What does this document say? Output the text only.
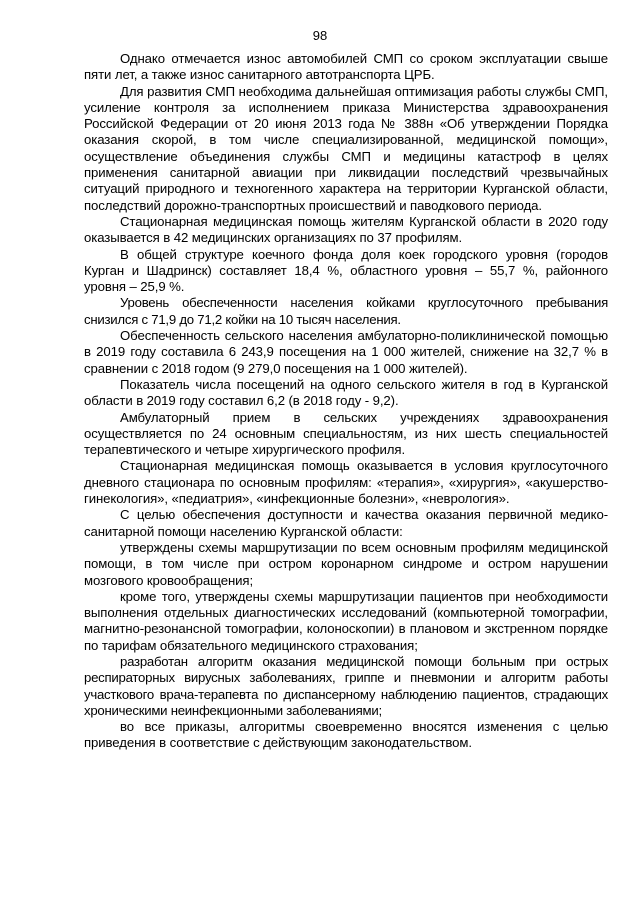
98

Однако отмечается износ автомобилей СМП со сроком эксплуатации свыше пяти лет, а также износ санитарного автотранспорта ЦРБ.

Для развития СМП необходима дальнейшая оптимизация работы службы СМП, усиление контроля за исполнением приказа Министерства здравоохранения Российской Федерации от 20 июня 2013 года № 388н «Об утверждении Порядка оказания скорой, в том числе специализированной, медицинской помощи», осуществление объединения службы СМП и медицины катастроф в целях применения санитарной авиации при ликвидации последствий чрезвычайных ситуаций природного и техногенного характера на территории Курганской области, последствий дорожно-транспортных происшествий и паводкового периода.

Стационарная медицинская помощь жителям Курганской области в 2020 году оказывается в 42 медицинских организациях по 37 профилям.

В общей структуре коечного фонда доля коек городского уровня (городов Курган и Шадринск) составляет 18,4 %, областного уровня – 55,7 %, районного уровня – 25,9 %.

Уровень обеспеченности населения койками круглосуточного пребывания снизился с 71,9 до 71,2 койки на 10 тысяч населения.

Обеспеченность сельского населения амбулаторно-поликлинической помощью в 2019 году составила 6 243,9 посещения на 1 000 жителей, снижение на 32,7 % в сравнении с 2018 годом (9 279,0 посещения на 1 000 жителей).

Показатель числа посещений на одного сельского жителя в год в Курганской области в 2019 году составил 6,2 (в 2018 году - 9,2).

Амбулаторный прием в сельских учреждениях здравоохранения осуществляется по 24 основным специальностям, из них шесть специальностей терапевтического и четыре хирургического профиля.

Стационарная медицинская помощь оказывается в условия круглосуточного дневного стационара по основным профилям: «терапия», «хирургия», «акушерство-гинекология», «педиатрия», «инфекционные болезни», «неврология».

С целью обеспечения доступности и качества оказания первичной медико-санитарной помощи населению Курганской области:

утверждены схемы маршрутизации по всем основным профилям медицинской помощи, в том числе при остром коронарном синдроме и остром нарушении мозгового кровообращения;

кроме того, утверждены схемы маршрутизации пациентов при необходимости выполнения отдельных диагностических исследований (компьютерной томографии, магнитно-резонансной томографии, колоноскопии) в плановом и экстренном порядке по тарифам обязательного медицинского страхования;

разработан алгоритм оказания медицинской помощи больным при острых респираторных вирусных заболеваниях, гриппе и пневмонии и алгоритм работы участкового врача-терапевта по диспансерному наблюдению пациентов, страдающих хроническими неинфекционными заболеваниями;

во все приказы, алгоритмы своевременно вносятся изменения с целью приведения в соответствие с действующим законодательством.
